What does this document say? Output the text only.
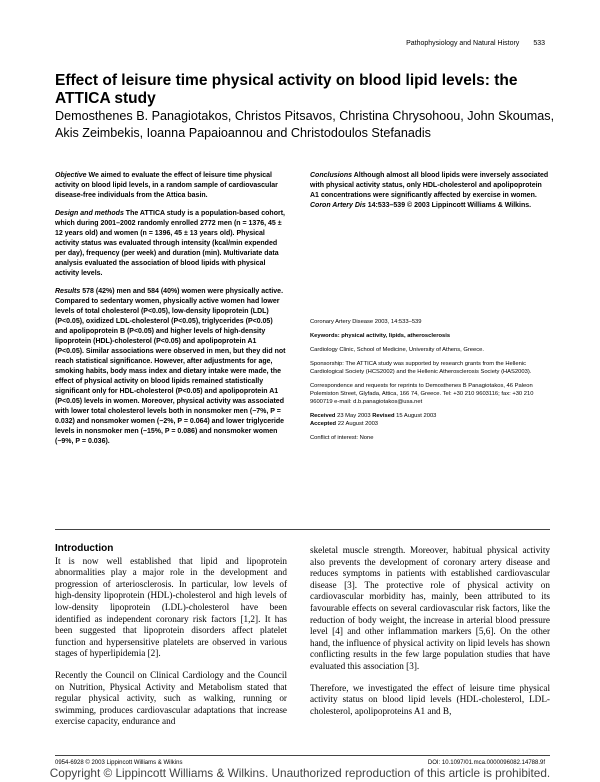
Pathophysiology and Natural History 533
Effect of leisure time physical activity on blood lipid levels: the ATTICA study
Demosthenes B. Panagiotakos, Christos Pitsavos, Christina Chrysohoou, John Skoumas, Akis Zeimbekis, Ioanna Papaioannou and Christodoulos Stefanadis

Objective We aimed to evaluate the effect of leisure time physical activity on blood lipid levels, in a random sample of cardiovascular disease-free individuals from the Attica basin.

Design and methods The ATTICA study is a population-based cohort, which during 2001–2002 randomly enrolled 2772 men (n = 1376, 45 ± 12 years old) and women (n = 1396, 45 ± 13 years old). Physical activity status was evaluated through intensity (kcal/min expended per day), frequency (per week) and duration (min). Multivariate data analysis evaluated the association of blood lipids with physical activity levels.

Results 578 (42%) men and 584 (40%) women were physically active. Compared to sedentary women, physically active women had lower levels of total cholesterol (P<0.05), low-density lipoprotein (LDL) (P<0.05), oxidized LDL-cholesterol (P<0.05), triglycerides (P<0.05) and apolipoprotein B (P<0.05) and higher levels of high-density lipoprotein (HDL)-cholesterol (P<0.05) and apolipoprotein A1 (P<0.05). Similar associations were observed in men, but they did not reach statistical significance. However, after adjustments for age, smoking habits, body mass index and dietary intake were made, the effect of physical activity on blood lipids remained statistically significant only for HDL-cholesterol (P<0.05) and apolipoprotein A1 (P<0.05) levels in women. Moreover, physical activity was associated with lower total cholesterol levels both in nonsmoker men (−7%, P = 0.032) and nonsmoker women (−2%, P = 0.064) and lower triglyceride levels in nonsmoker men (−15%, P = 0.086) and nonsmoker women (−9%, P = 0.036).

Conclusions Although almost all blood lipids were inversely associated with physical activity status, only HDL-cholesterol and apolipoprotein A1 concentrations were significantly affected by exercise in women. Coron Artery Dis 14:533–539 © 2003 Lippincott Williams & Wilkins.

Coronary Artery Disease 2003, 14:533–539

Keywords: physical activity, lipids, atherosclerosis

Cardiology Clinic, School of Medicine, University of Athens, Greece.

Sponsorship: The ATTICA study was supported by research grants from the Hellenic Cardiological Society (HCS2002) and the Hellenic Atherosclerosis Society (HAS2003).

Correspondence and requests for reprints to Demosthenes B Panagiotakos, 46 Paleon Polemiston Street, Glyfada, Attica, 166 74, Greece. Tel: +30 210 9603116; fax: +30 210 9600719 e-mail: d.b.panagiotakos@usa.net

Received 23 May 2003 Revised 15 August 2003
Accepted 22 August 2003

Conflict of interest: None

Introduction

It is now well established that lipid and lipoprotein abnormalities play a major role in the development and progression of arteriosclerosis. In particular, low levels of high-density lipoprotein (HDL)-cholesterol and high levels of low-density lipoprotein (LDL)-cholesterol have been identified as independent coronary risk factors [1,2]. It has been suggested that lipoprotein disorders affect platelet function and hypersensitive platelets are observed in various stages of hyperlipidemia [2].

Recently the Council on Clinical Cardiology and the Council on Nutrition, Physical Activity and Metabolism stated that regular physical activity, such as walking, running or swimming, produces cardiovascular adaptations that increase exercise capacity, endurance and

skeletal muscle strength. Moreover, habitual physical activity also prevents the development of coronary artery disease and reduces symptoms in patients with established cardiovascular disease [3]. The protective role of physical activity on cardiovascular morbidity has, mainly, been attributed to its favourable effects on several cardiovascular risk factors, like the reduction of body weight, the increase in arterial blood pressure level [4] and other inflammation markers [5,6]. On the other hand, the influence of physical activity on lipid levels has shown conflicting results in the few large population studies that have evaluated this association [3].

Therefore, we investigated the effect of leisure time physical activity status on blood lipid levels (HDL-cholesterol, LDL-cholesterol, apolipoproteins A1 and B,

0954-6928 © 2003 Lippincott Williams & Wilkins	DOI: 10.1097/01.mca.0000096082.14788.9f
Copyright © Lippincott Williams & Wilkins. Unauthorized reproduction of this article is prohibited.
